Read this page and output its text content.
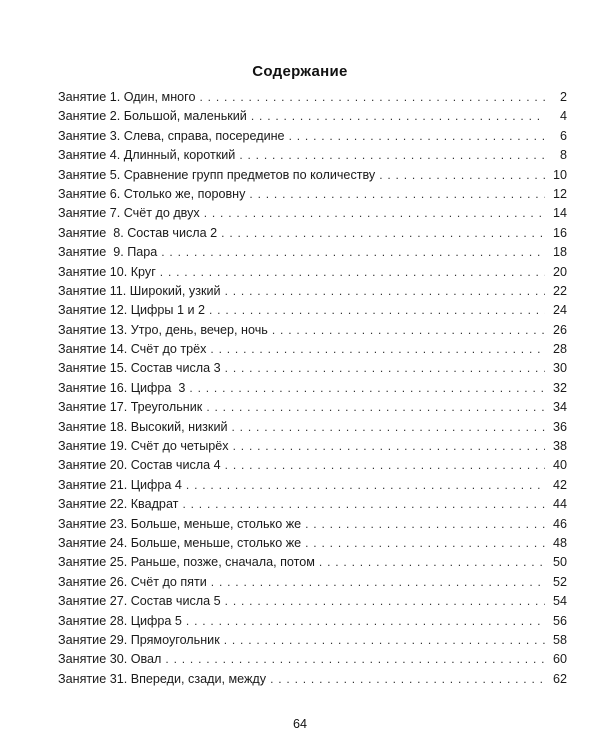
Содержание
Занятие 1. Один, много . . .	2
Занятие 2. Большой, маленький . . .	4
Занятие 3. Слева, справа, посередине . . .	6
Занятие 4. Длинный, короткий . . .	8
Занятие 5. Сравнение групп предметов по количеству . . .	10
Занятие 6. Столько же, поровну . . .	12
Занятие 7. Счёт до двух . . .	14
Занятие  8. Состав числа 2 . . .	16
Занятие  9. Пара . . .	18
Занятие 10. Круг . . .	20
Занятие 11. Широкий, узкий . . .	22
Занятие 12. Цифры 1 и 2 . . .	24
Занятие 13. Утро, день, вечер, ночь . . .	26
Занятие 14. Счёт до трёх . . .	28
Занятие 15. Состав числа 3 . . .	30
Занятие 16. Цифра  3 . . .	32
Занятие 17. Треугольник . . .	34
Занятие 18. Высокий, низкий . . .	36
Занятие 19. Счёт до четырёх . . .	38
Занятие 20. Состав числа 4 . . .	40
Занятие 21. Цифра 4 . . .	42
Занятие 22. Квадрат . . .	44
Занятие 23. Больше, меньше, столько же . . .	46
Занятие 24. Больше, меньше, столько же . . .	48
Занятие 25. Раньше, позже, сначала, потом . . .	50
Занятие 26. Счёт до пяти . . .	52
Занятие 27. Состав числа 5 . . .	54
Занятие 28. Цифра 5 . . .	56
Занятие 29. Прямоугольник . . .	58
Занятие 30. Овал . . .	60
Занятие 31. Впереди, сзади, между . . .	62
64
